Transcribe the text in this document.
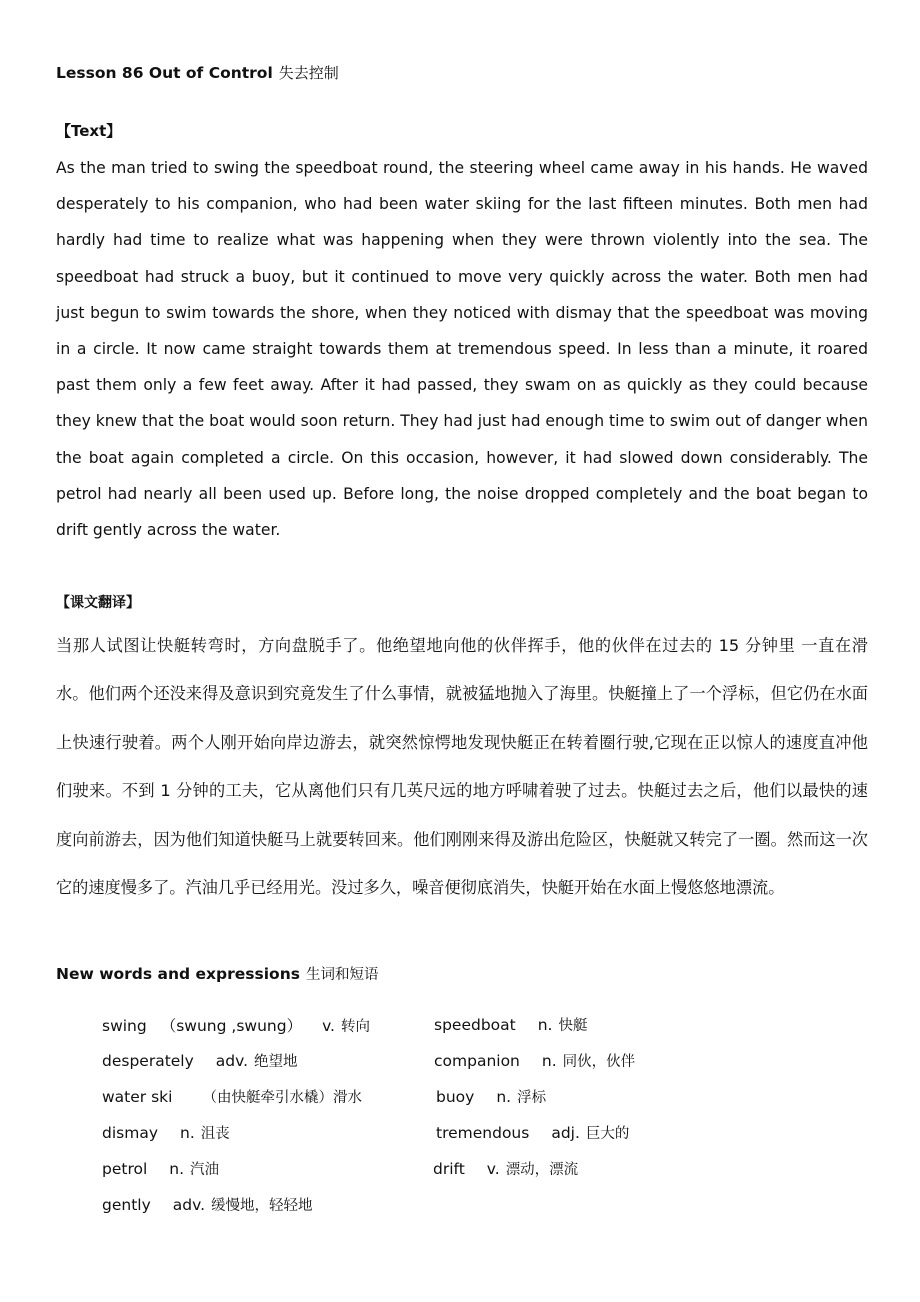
Lesson 86 Out of Control 失去控制
【Text】
As the man tried to swing the speedboat round, the steering wheel came away in his hands. He waved desperately to his companion, who had been water skiing for the last fifteen minutes. Both men had hardly had time to realize what was happening when they were thrown violently into the sea. The speedboat had struck a buoy, but it continued to move very quickly across the water. Both men had just begun to swim towards the shore, when they noticed with dismay that the speedboat was moving in a circle. It now came straight towards them at tremendous speed. In less than a minute, it roared past them only a few feet away. After it had passed, they swam on as quickly as they could because they knew that the boat would soon return. They had just had enough time to swim out of danger when the boat again completed a circle. On this occasion, however, it had slowed down considerably. The petrol had nearly all been used up. Before long, the noise dropped completely and the boat began to drift gently across the water.
【课文翻译】
当那人试图让快艇转弯时，方向盘脱手了。他绝望地向他的伙伴挥手，他的伙伴在过去的 15 分钟里 一直在滑水。他们两个还没来得及意识到究竟发生了什么事情，就被猛地抛入了海里。快艇撞上了一个浮标，但它仍在水面上快速行驶着。两个人刚开始向岸边游去，就突然惊愕地发现快艇正在转着圈行驶,它现在正以惊人的速度直冲他们驶来。不到 1 分钟的工夫，它从离他们只有几英尺远的地方呼啸着驶了过去。快艇过去之后，他们以最快的速度向前游去，因为他们知道快艇马上就要转回来。他们刚刚来得及游出危险区，快艇就又转完了一圈。然而这一次它的速度慢多了。汽油几乎已经用光。没过多久，噪音便彻底消失，快艇开始在水面上慢悠悠地漂流。
New words and expressions 生词和短语
swing （swung ,swung） v. 转向	speedboat n. 快艇
desperately adv. 绝望地	companion n. 同伙，伙伴
water ski （由快艇牵引水橇）滑水	buoy n. 浮标
dismay n. 沮丧	tremendous adj. 巨大的
petrol n. 汽油	drift v. 漂动，漂流
gently adv. 缓慢地，轻轻地
